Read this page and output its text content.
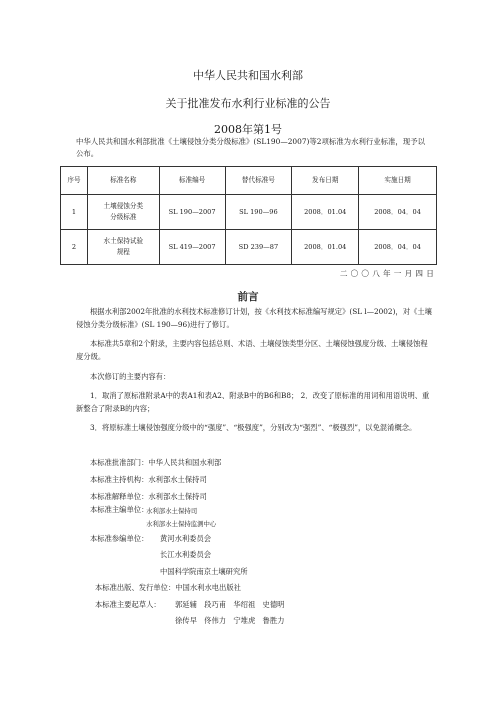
中华人民共和国水利部
关于批准发布水利行业标准的公告
2008年第1号
中华人民共和国水利部批准《土壤侵蚀分类分级标准》(SL190—2007)等2项标准为水利行业标准，现予以公布。
序号	标准名称	标准编号	替代标准号	发布日期	实施日期
1	土壤侵蚀分类
分级标准	SL 190—2007	SL 190—96	2008．01.04	2008．04．04
2	水土保持试验
规程	SL 419—2007	SD 239—87	2008．01.04	2008．04．04
二〇〇八年一月四日
前言
根据水利部2002年批准的水利技术标准修订计划，按《水利技术标准编写规定》(SL l—2002)，对《土壤侵蚀分类分级标准》(SL 190—96)进行了修订。
本标准共5章和2个附录，主要内容包括总则、术语、土壤侵蚀类型分区、土壤侵蚀强度分级、土壤侵蚀程度分级。
本次修订的主要内容有：
1．取消了原标准附录A中的表A1和表A2、附录B中的B6和B8； 2．改变了原标准的用词和用语说明、重新整合了附录B的内容；
3．将原标准土壤侵蚀强度分级中的“强度”、“极强度”，分别改为“强烈”、“极强烈”，以免混淆概念。
本标准批准部门：中华人民共和国水利部
本标准主持机构：水利部水土保持司
本标准解释单位：水利部水土保持司
本标准主编单位：
水利部水土保持司
水利部水土保持监测中心
本标准参编单位： 黄河水利委员会
长江水利委员会
中国科学院南京土壤研究所
本标准出版、发行单位：中国水利水电出版社
本标准主要起草人： 郭延辅　段巧甫　华绍祖　史德明
徐传早　佟伟力　宁堆虎　鲁胜力
